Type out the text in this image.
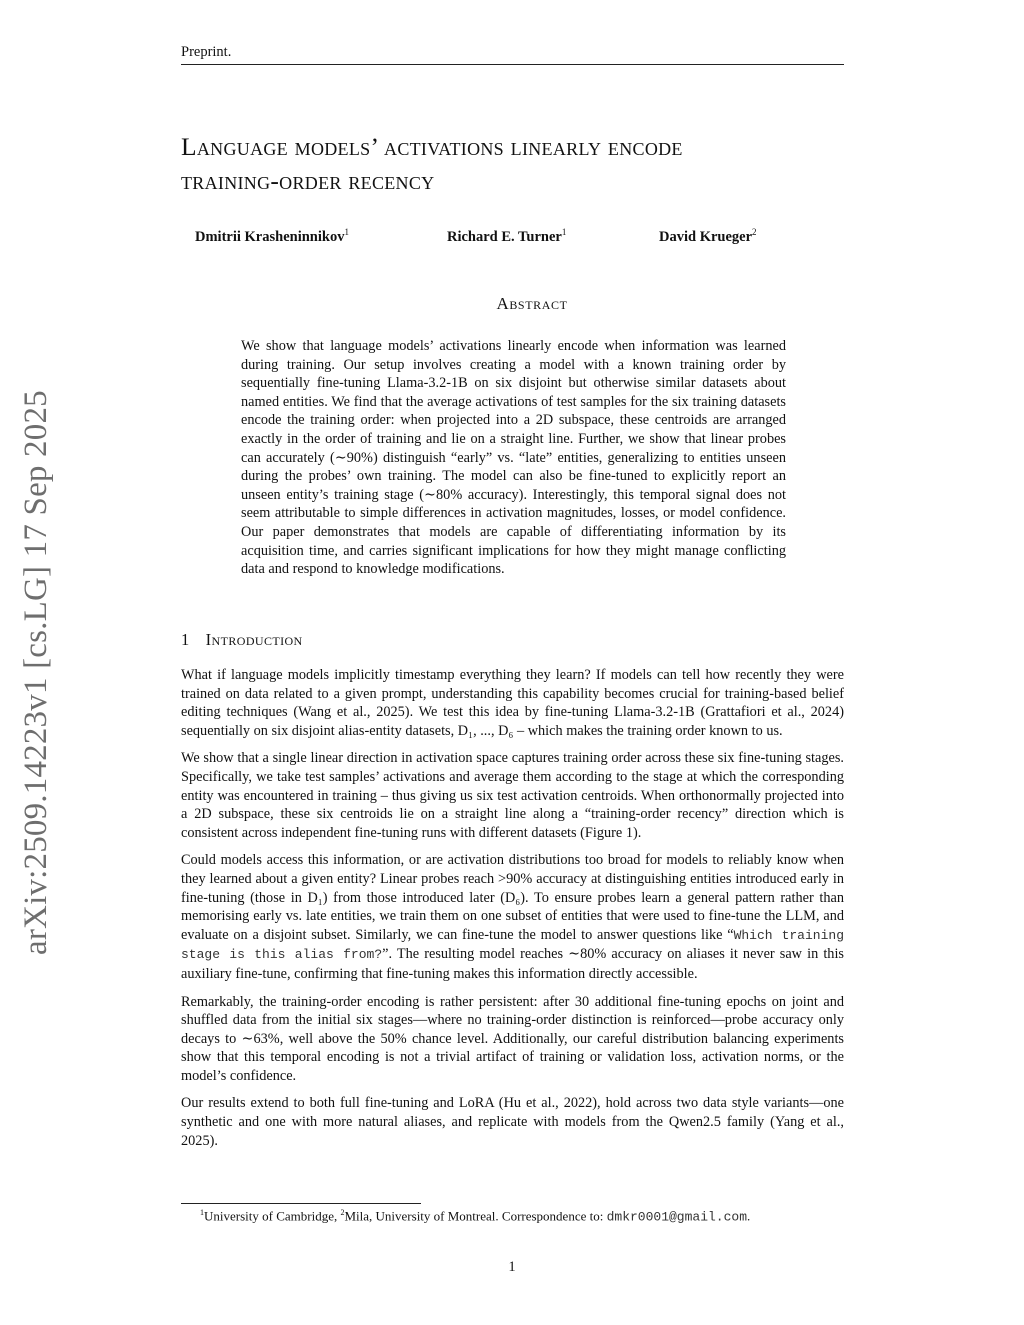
Preprint.
arXiv:2509.14223v1 [cs.LG] 17 Sep 2025
Language models’ activations linearly encode
training-order recency
Dmitrii Krasheninnikov$^1$	Richard E. Turner$^1$	David Krueger$^2$
Abstract

We show that language models’ activations linearly encode when information was learned during training. Our setup involves creating a model with a known training order by sequentially fine-tuning Llama-3.2-1B on six disjoint but otherwise similar datasets about named entities. We find that the average activations of test samples for the six training datasets encode the training order: when projected into a 2D subspace, these centroids are arranged exactly in the order of training and lie on a straight line. Further, we show that linear probes can accurately (∼90%) distinguish “early” vs. “late” entities, generalizing to entities unseen during the probes’ own training. The model can also be fine-tuned to explicitly report an unseen entity’s training stage (∼80% accuracy). Interestingly, this temporal signal does not seem attributable to simple differences in activation magnitudes, losses, or model confidence. Our paper demonstrates that models are capable of differentiating information by its acquisition time, and carries significant implications for how they might manage conflicting data and respond to knowledge modifications.

1 Introduction

What if language models implicitly timestamp everything they learn? If models can tell how recently they were trained on data related to a given prompt, understanding this capability becomes crucial for training-based belief editing techniques (Wang et al., 2025). We test this idea by fine-tuning Llama-3.2-1B (Grattafiori et al., 2024) sequentially on six disjoint alias-entity datasets, D₁, ..., D₆ – which makes the training order known to us.

We show that a single linear direction in activation space captures training order across these six fine-tuning stages. Specifically, we take test samples’ activations and average them according to the stage at which the corresponding entity was encountered in training – thus giving us six test activation centroids. When orthonormally projected into a 2D subspace, these six centroids lie on a straight line along a “training-order recency” direction which is consistent across independent fine-tuning runs with different datasets (Figure 1).

Could models access this information, or are activation distributions too broad for models to reliably know when they learned about a given entity? Linear probes reach >90% accuracy at distinguishing entities introduced early in fine-tuning (those in D₁) from those introduced later (D₆). To ensure probes learn a general pattern rather than memorising early vs. late entities, we train them on one subset of entities that were used to fine-tune the LLM, and evaluate on a disjoint subset. Similarly, we can fine-tune the model to answer questions like “Which training stage is this alias from?”. The resulting model reaches ∼80% accuracy on aliases it never saw in this auxiliary fine-tune, confirming that fine-tuning makes this information directly accessible.

Remarkably, the training-order encoding is rather persistent: after 30 additional fine-tuning epochs on joint and shuffled data from the initial six stages—where no training-order distinction is reinforced—probe accuracy only decays to ∼63%, well above the 50% chance level. Additionally, our careful distribution balancing experiments show that this temporal encoding is not a trivial artifact of training or validation loss, activation norms, or the model’s confidence.

Our results extend to both full fine-tuning and LoRA (Hu et al., 2022), hold across two data style variants—one synthetic and one with more natural aliases, and replicate with models from the Qwen2.5 family (Yang et al., 2025).

$^1$University of Cambridge, $^2$Mila, University of Montreal. Correspondence to: dmkr0001@gmail.com.
1
